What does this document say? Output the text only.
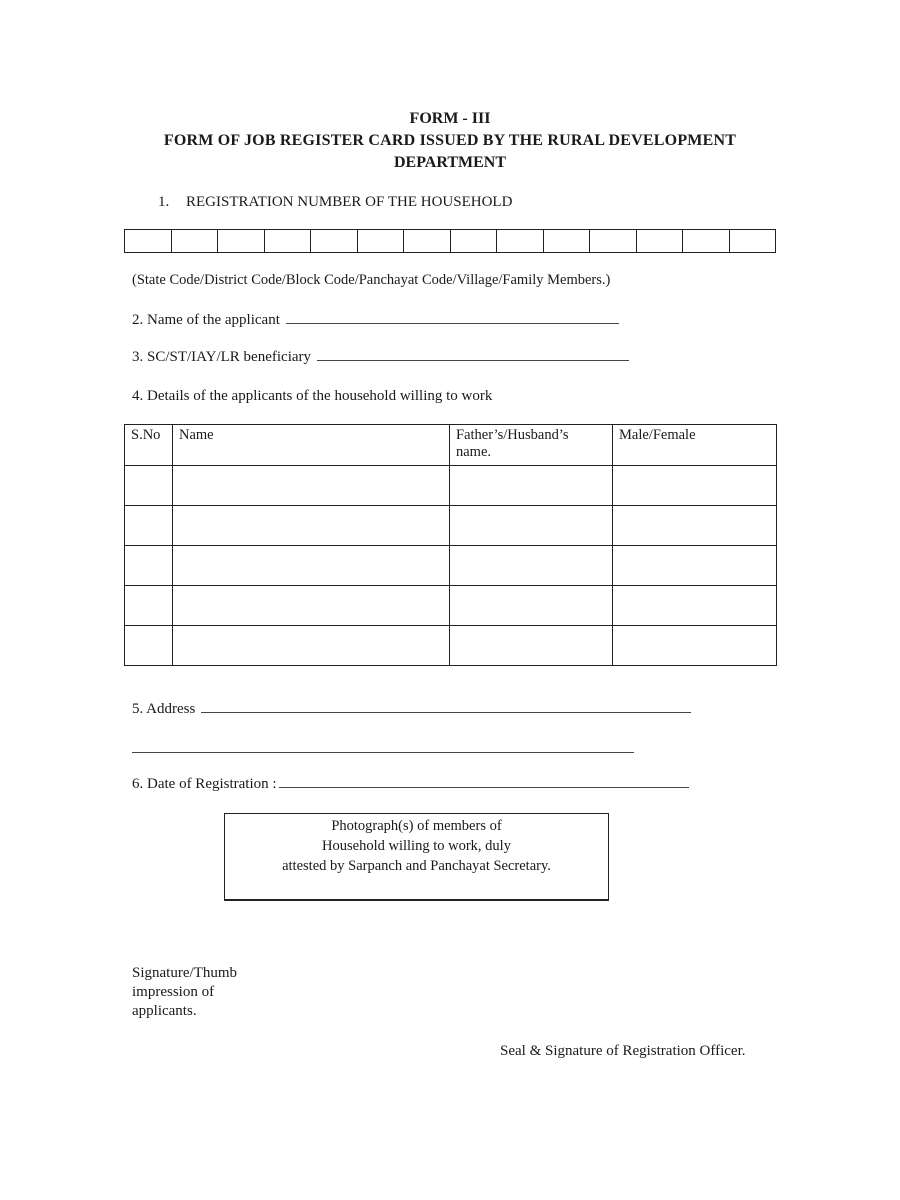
FORM - III
FORM OF JOB REGISTER CARD ISSUED BY THE RURAL DEVELOPMENT
DEPARTMENT
1. REGISTRATION NUMBER OF THE HOUSEHOLD
(State Code/District Code/Block Code/Panchayat Code/Village/Family Members.)
2. Name of the applicant
3. SC/ST/IAY/LR beneficiary
4. Details of the applicants of the household willing to work
S.No	Name	Father’s/Husband’s name.	Male/Female

5. Address
6. Date of Registration :
Photograph(s) of members of
Household willing to work, duly
attested by Sarpanch and Panchayat Secretary.
Signature/Thumb
impression of
applicants.
Seal & Signature of Registration Officer.
